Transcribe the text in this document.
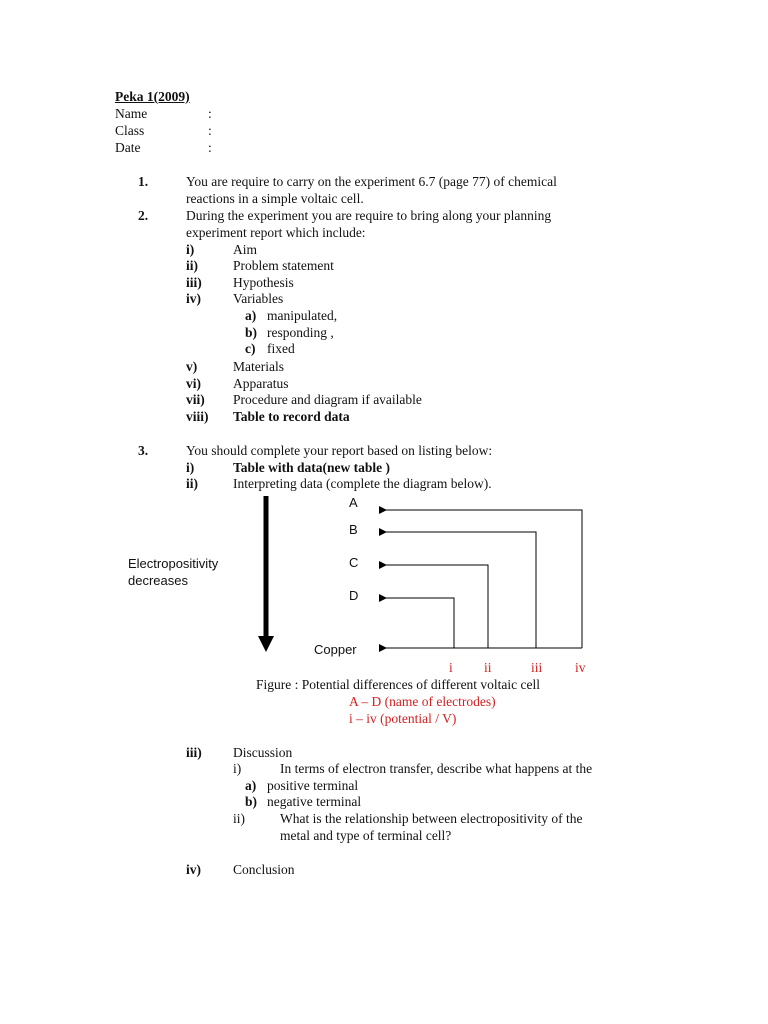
Peka 1(2009)
Name	:
Class	:
Date	:
1.	You are require to carry on the experiment 6.7 (page 77) of chemical
reactions in a simple voltaic cell.
2.	During the experiment you are require to bring along your planning
experiment report which include:
i)	Aim
ii)	Problem statement
iii) Hypothesis
iv) Variables
a) manipulated,
b) responding ,
c) fixed
v)	Materials
vi) Apparatus
vii) Procedure and diagram if available
viii) Table to record data
3.	You should complete your report based on listing below:
i)	Table with data(new table )
ii)	Interpreting data (complete the diagram below).
Electropositivity
decreases
A
B
C
D
Copper
i ii	iii iv
Figure : Potential differences of different voltaic cell
A – D (name of electrodes)
i – iv (potential / V)
iii) Discussion
i)	In terms of electron transfer, describe what happens at the
a) positive terminal
b) negative terminal
ii)	What is the relationship between electropositivity of the
metal and type of terminal cell?
iv) Conclusion
